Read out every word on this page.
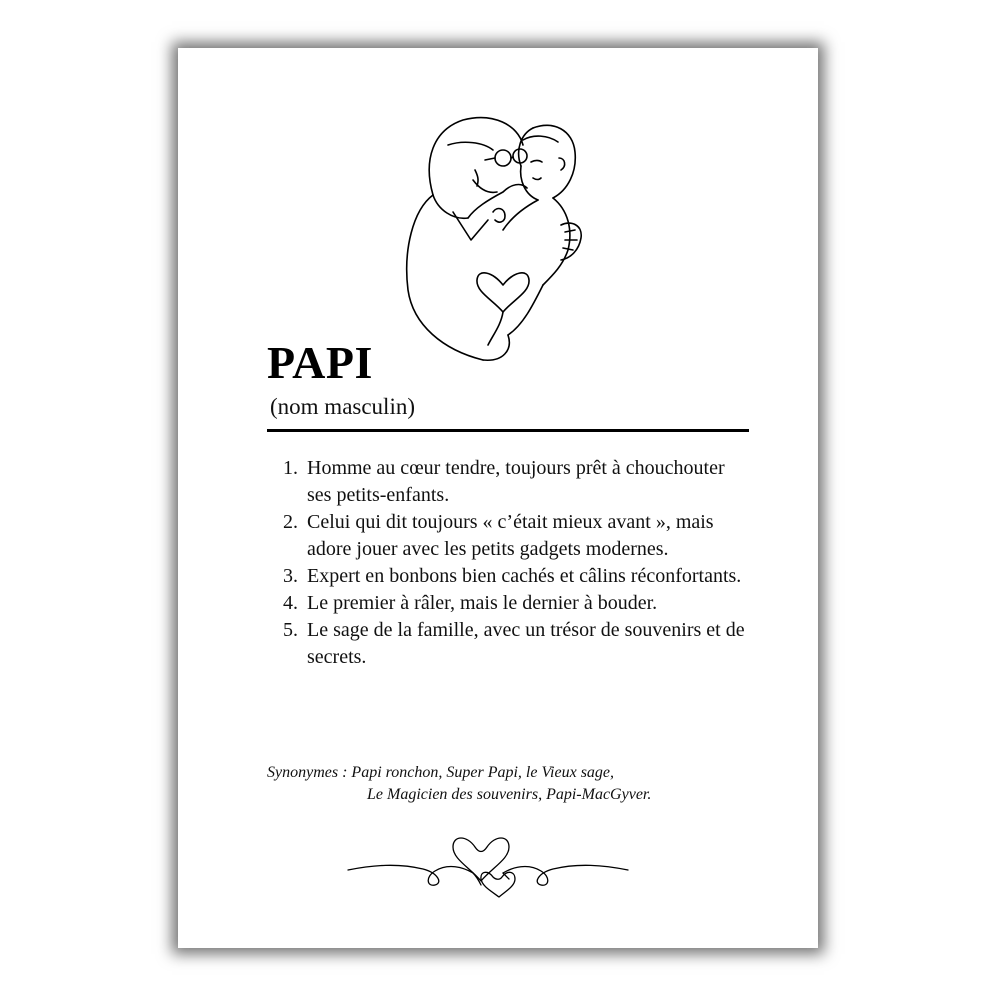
PAPI

(nom masculin)

1. Homme au cœur tendre, toujours prêt à chouchouter ses petits-enfants.
2. Celui qui dit toujours « c’était mieux avant », mais adore jouer avec les petits gadgets modernes.
3. Expert en bonbons bien cachés et câlins réconfortants.
4. Le premier à râler, mais le dernier à bouder.
5. Le sage de la famille, avec un trésor de souvenirs et de secrets.
Synonymes : Papi ronchon, Super Papi, le Vieux sage,
Le Magicien des souvenirs, Papi-MacGyver.
